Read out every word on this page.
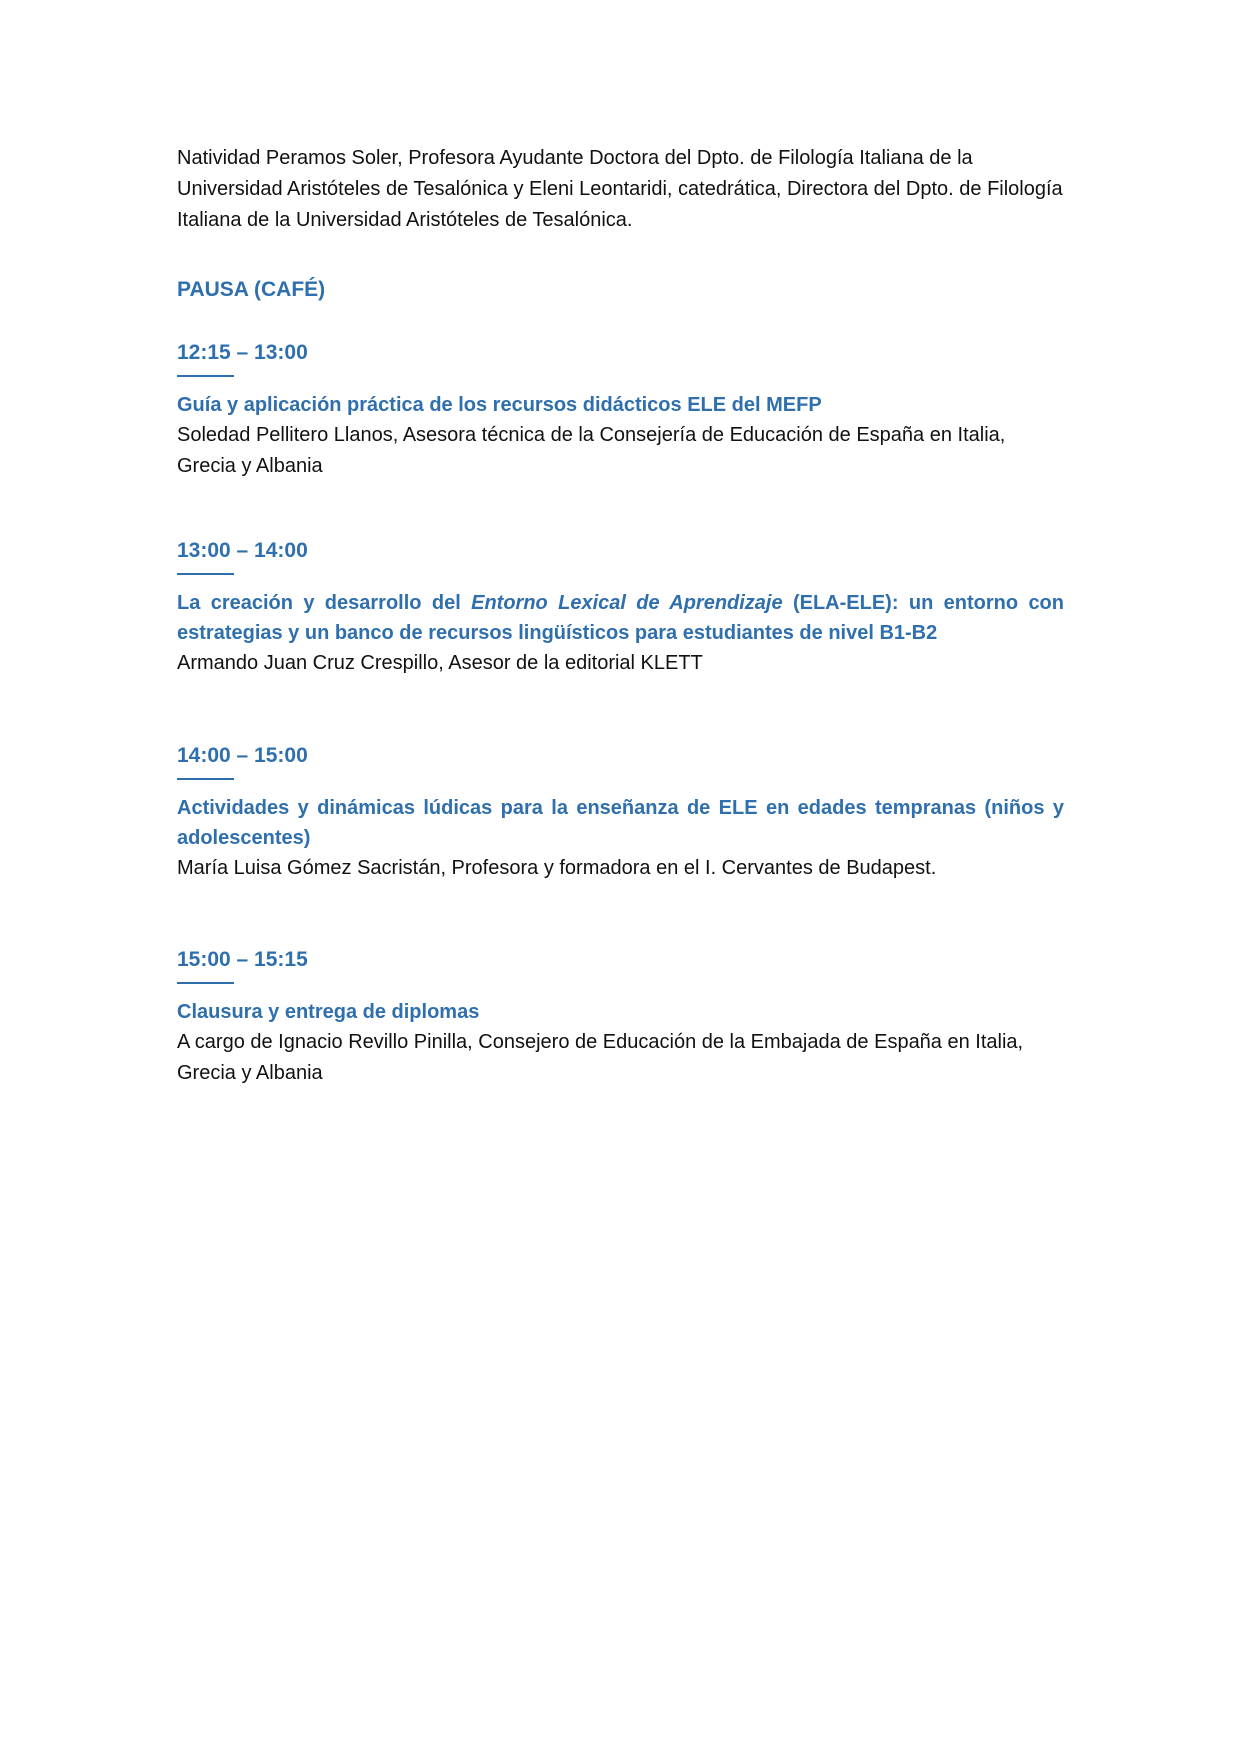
Natividad Peramos Soler, Profesora Ayudante Doctora del Dpto. de Filología Italiana de la Universidad Aristóteles de Tesalónica y Eleni Leontaridi, catedrática, Directora del Dpto. de Filología Italiana de la Universidad Aristóteles de Tesalónica.

PAUSA (CAFÉ)

12:15 – 13:00

Guía y aplicación práctica de los recursos didácticos ELE del MEFP

Soledad Pellitero Llanos, Asesora técnica de la Consejería de Educación de España en Italia, Grecia y Albania

13:00 – 14:00

La creación y desarrollo del Entorno Lexical de Aprendizaje (ELA-ELE): un entorno con estrategias y un banco de recursos lingüísticos para estudiantes de nivel B1-B2

Armando Juan Cruz Crespillo, Asesor de la editorial KLETT

14:00 – 15:00

Actividades y dinámicas lúdicas para la enseñanza de ELE en edades tempranas (niños y adolescentes)

María Luisa Gómez Sacristán, Profesora y formadora en el I. Cervantes de Budapest.

15:00 – 15:15

Clausura y entrega de diplomas

A cargo de Ignacio Revillo Pinilla, Consejero de Educación de la Embajada de España en Italia, Grecia y Albania
